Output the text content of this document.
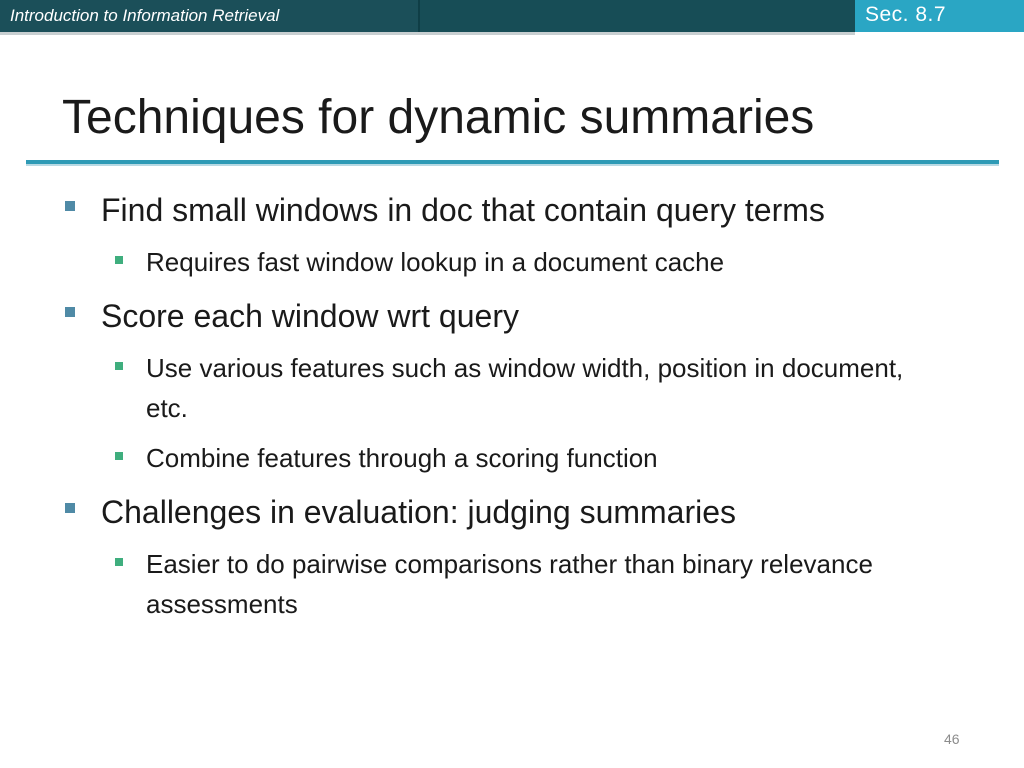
Introduction to Information Retrieval	Sec. 8.7
Techniques for dynamic summaries
Find small windows in doc that contain query terms
Requires fast window lookup in a document cache
Score each window wrt query
Use various features such as window width, position in document, etc.
Combine features through a scoring function
Challenges in evaluation: judging summaries
Easier to do pairwise comparisons rather than binary relevance assessments
46
